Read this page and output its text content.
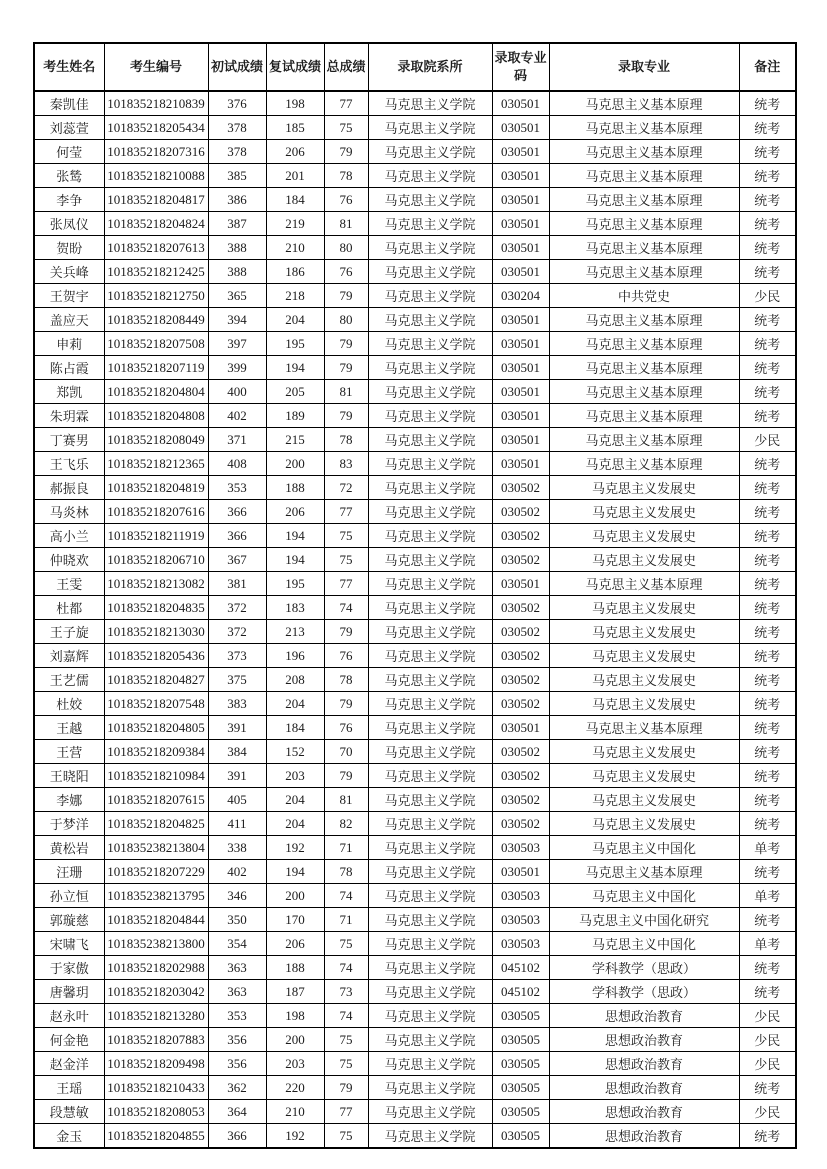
考生姓名	考生编号	初试成绩	复试成绩	总成绩	录取院系所	录取专业码	录取专业	备注
秦凯佳	101835218210839	376	198	77	马克思主义学院	030501	马克思主义基本原理	统考
刘蕊萱	101835218205434	378	185	75	马克思主义学院	030501	马克思主义基本原理	统考
何莹	101835218207316	378	206	79	马克思主义学院	030501	马克思主义基本原理	统考
张鸶	101835218210088	385	201	78	马克思主义学院	030501	马克思主义基本原理	统考
李争	101835218204817	386	184	76	马克思主义学院	030501	马克思主义基本原理	统考
张凤仪	101835218204824	387	219	81	马克思主义学院	030501	马克思主义基本原理	统考
贺盼	101835218207613	388	210	80	马克思主义学院	030501	马克思主义基本原理	统考
关兵峰	101835218212425	388	186	76	马克思主义学院	030501	马克思主义基本原理	统考
王贺宇	101835218212750	365	218	79	马克思主义学院	030204	中共党史	少民
盖应天	101835218208449	394	204	80	马克思主义学院	030501	马克思主义基本原理	统考
申莉	101835218207508	397	195	79	马克思主义学院	030501	马克思主义基本原理	统考
陈占霞	101835218207119	399	194	79	马克思主义学院	030501	马克思主义基本原理	统考
郑凯	101835218204804	400	205	81	马克思主义学院	030501	马克思主义基本原理	统考
朱玥霖	101835218204808	402	189	79	马克思主义学院	030501	马克思主义基本原理	统考
丁赛男	101835218208049	371	215	78	马克思主义学院	030501	马克思主义基本原理	少民
王飞乐	101835218212365	408	200	83	马克思主义学院	030501	马克思主义基本原理	统考
郝振良	101835218204819	353	188	72	马克思主义学院	030502	马克思主义发展史	统考
马炎林	101835218207616	366	206	77	马克思主义学院	030502	马克思主义发展史	统考
高小兰	101835218211919	366	194	75	马克思主义学院	030502	马克思主义发展史	统考
仲晓欢	101835218206710	367	194	75	马克思主义学院	030502	马克思主义发展史	统考
王雯	101835218213082	381	195	77	马克思主义学院	030501	马克思主义基本原理	统考
杜都	101835218204835	372	183	74	马克思主义学院	030502	马克思主义发展史	统考
王子旋	101835218213030	372	213	79	马克思主义学院	030502	马克思主义发展史	统考
刘嘉辉	101835218205436	373	196	76	马克思主义学院	030502	马克思主义发展史	统考
王艺儒	101835218204827	375	208	78	马克思主义学院	030502	马克思主义发展史	统考
杜姣	101835218207548	383	204	79	马克思主义学院	030502	马克思主义发展史	统考
王越	101835218204805	391	184	76	马克思主义学院	030501	马克思主义基本原理	统考
王营	101835218209384	384	152	70	马克思主义学院	030502	马克思主义发展史	统考
王晓阳	101835218210984	391	203	79	马克思主义学院	030502	马克思主义发展史	统考
李娜	101835218207615	405	204	81	马克思主义学院	030502	马克思主义发展史	统考
于梦洋	101835218204825	411	204	82	马克思主义学院	030502	马克思主义发展史	统考
黄松岩	101835238213804	338	192	71	马克思主义学院	030503	马克思主义中国化	单考
汪珊	101835218207229	402	194	78	马克思主义学院	030501	马克思主义基本原理	统考
孙立恒	101835238213795	346	200	74	马克思主义学院	030503	马克思主义中国化	单考
郭璇慈	101835218204844	350	170	71	马克思主义学院	030503	马克思主义中国化研究	统考
宋啸飞	101835238213800	354	206	75	马克思主义学院	030503	马克思主义中国化	单考
于家傲	101835218202988	363	188	74	马克思主义学院	045102	学科教学（思政）	统考
唐馨玥	101835218203042	363	187	73	马克思主义学院	045102	学科教学（思政）	统考
赵永叶	101835218213280	353	198	74	马克思主义学院	030505	思想政治教育	少民
何金艳	101835218207883	356	200	75	马克思主义学院	030505	思想政治教育	少民
赵金洋	101835218209498	356	203	75	马克思主义学院	030505	思想政治教育	少民
王瑶	101835218210433	362	220	79	马克思主义学院	030505	思想政治教育	统考
段慧敏	101835218208053	364	210	77	马克思主义学院	030505	思想政治教育	少民
金玉	101835218204855	366	192	75	马克思主义学院	030505	思想政治教育	统考
